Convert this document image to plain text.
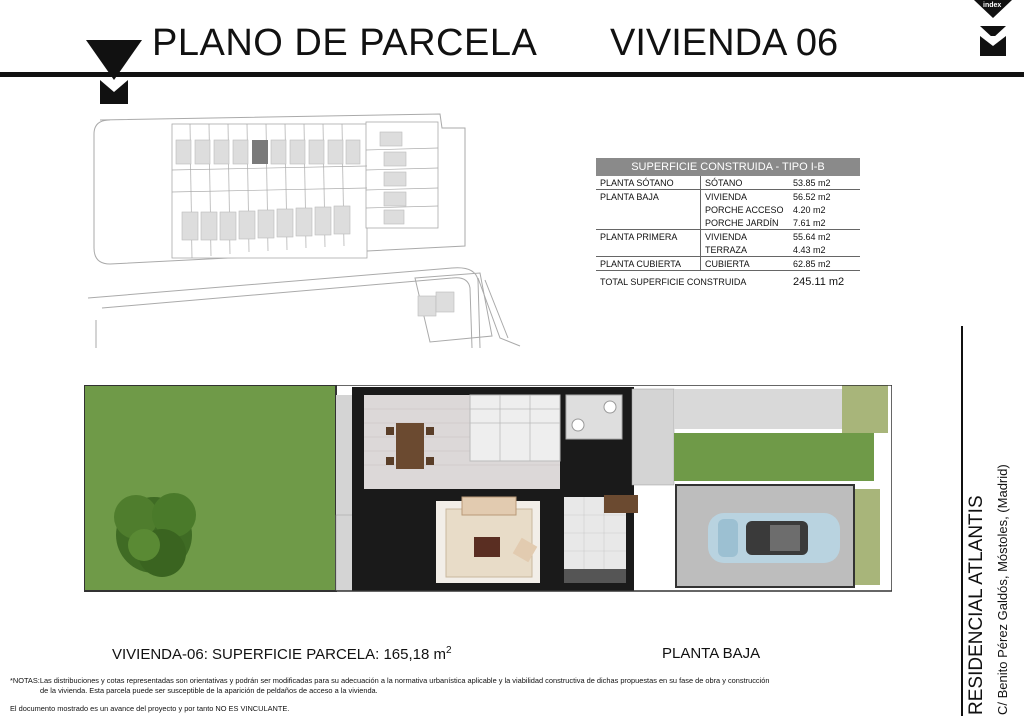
PLANO DE PARCELA VIVIENDA 06
index
SUPERFICIE CONSTRUIDA - TIPO I-B
PLANTA SÓTANO	SÓTANO	53.85 m2
PLANTA BAJA	VIVIENDA	56.52 m2
	PORCHE ACCESO	4.20 m2
	PORCHE JARDÍN	7.61 m2
PLANTA PRIMERA	VIVIENDA	55.64 m2
	TERRAZA	4.43 m2
PLANTA CUBIERTA	CUBIERTA	62.85 m2
TOTAL SUPERFICIE CONSTRUIDA		245.11 m2
VIVIENDA-06: SUPERFICIE PARCELA: 165,18 $m^2$	PLANTA BAJA
*NOTAS:Las distribuciones y cotas representadas son orientativas y podrán ser modificadas para su adecuación a la normativa urbanística aplicable y la viabilidad constructiva de dichas propuestas en su fase de obra y construcción
de la vivienda. Esta parcela puede ser susceptible de la aparición de peldaños de acceso a la vivienda.
El documento mostrado es un avance del proyecto y por tanto NO ES VINCULANTE.	RESIDENCIAL ATLANTIS C/ Benito Pérez Galdós, Móstoles, (Madrid)
